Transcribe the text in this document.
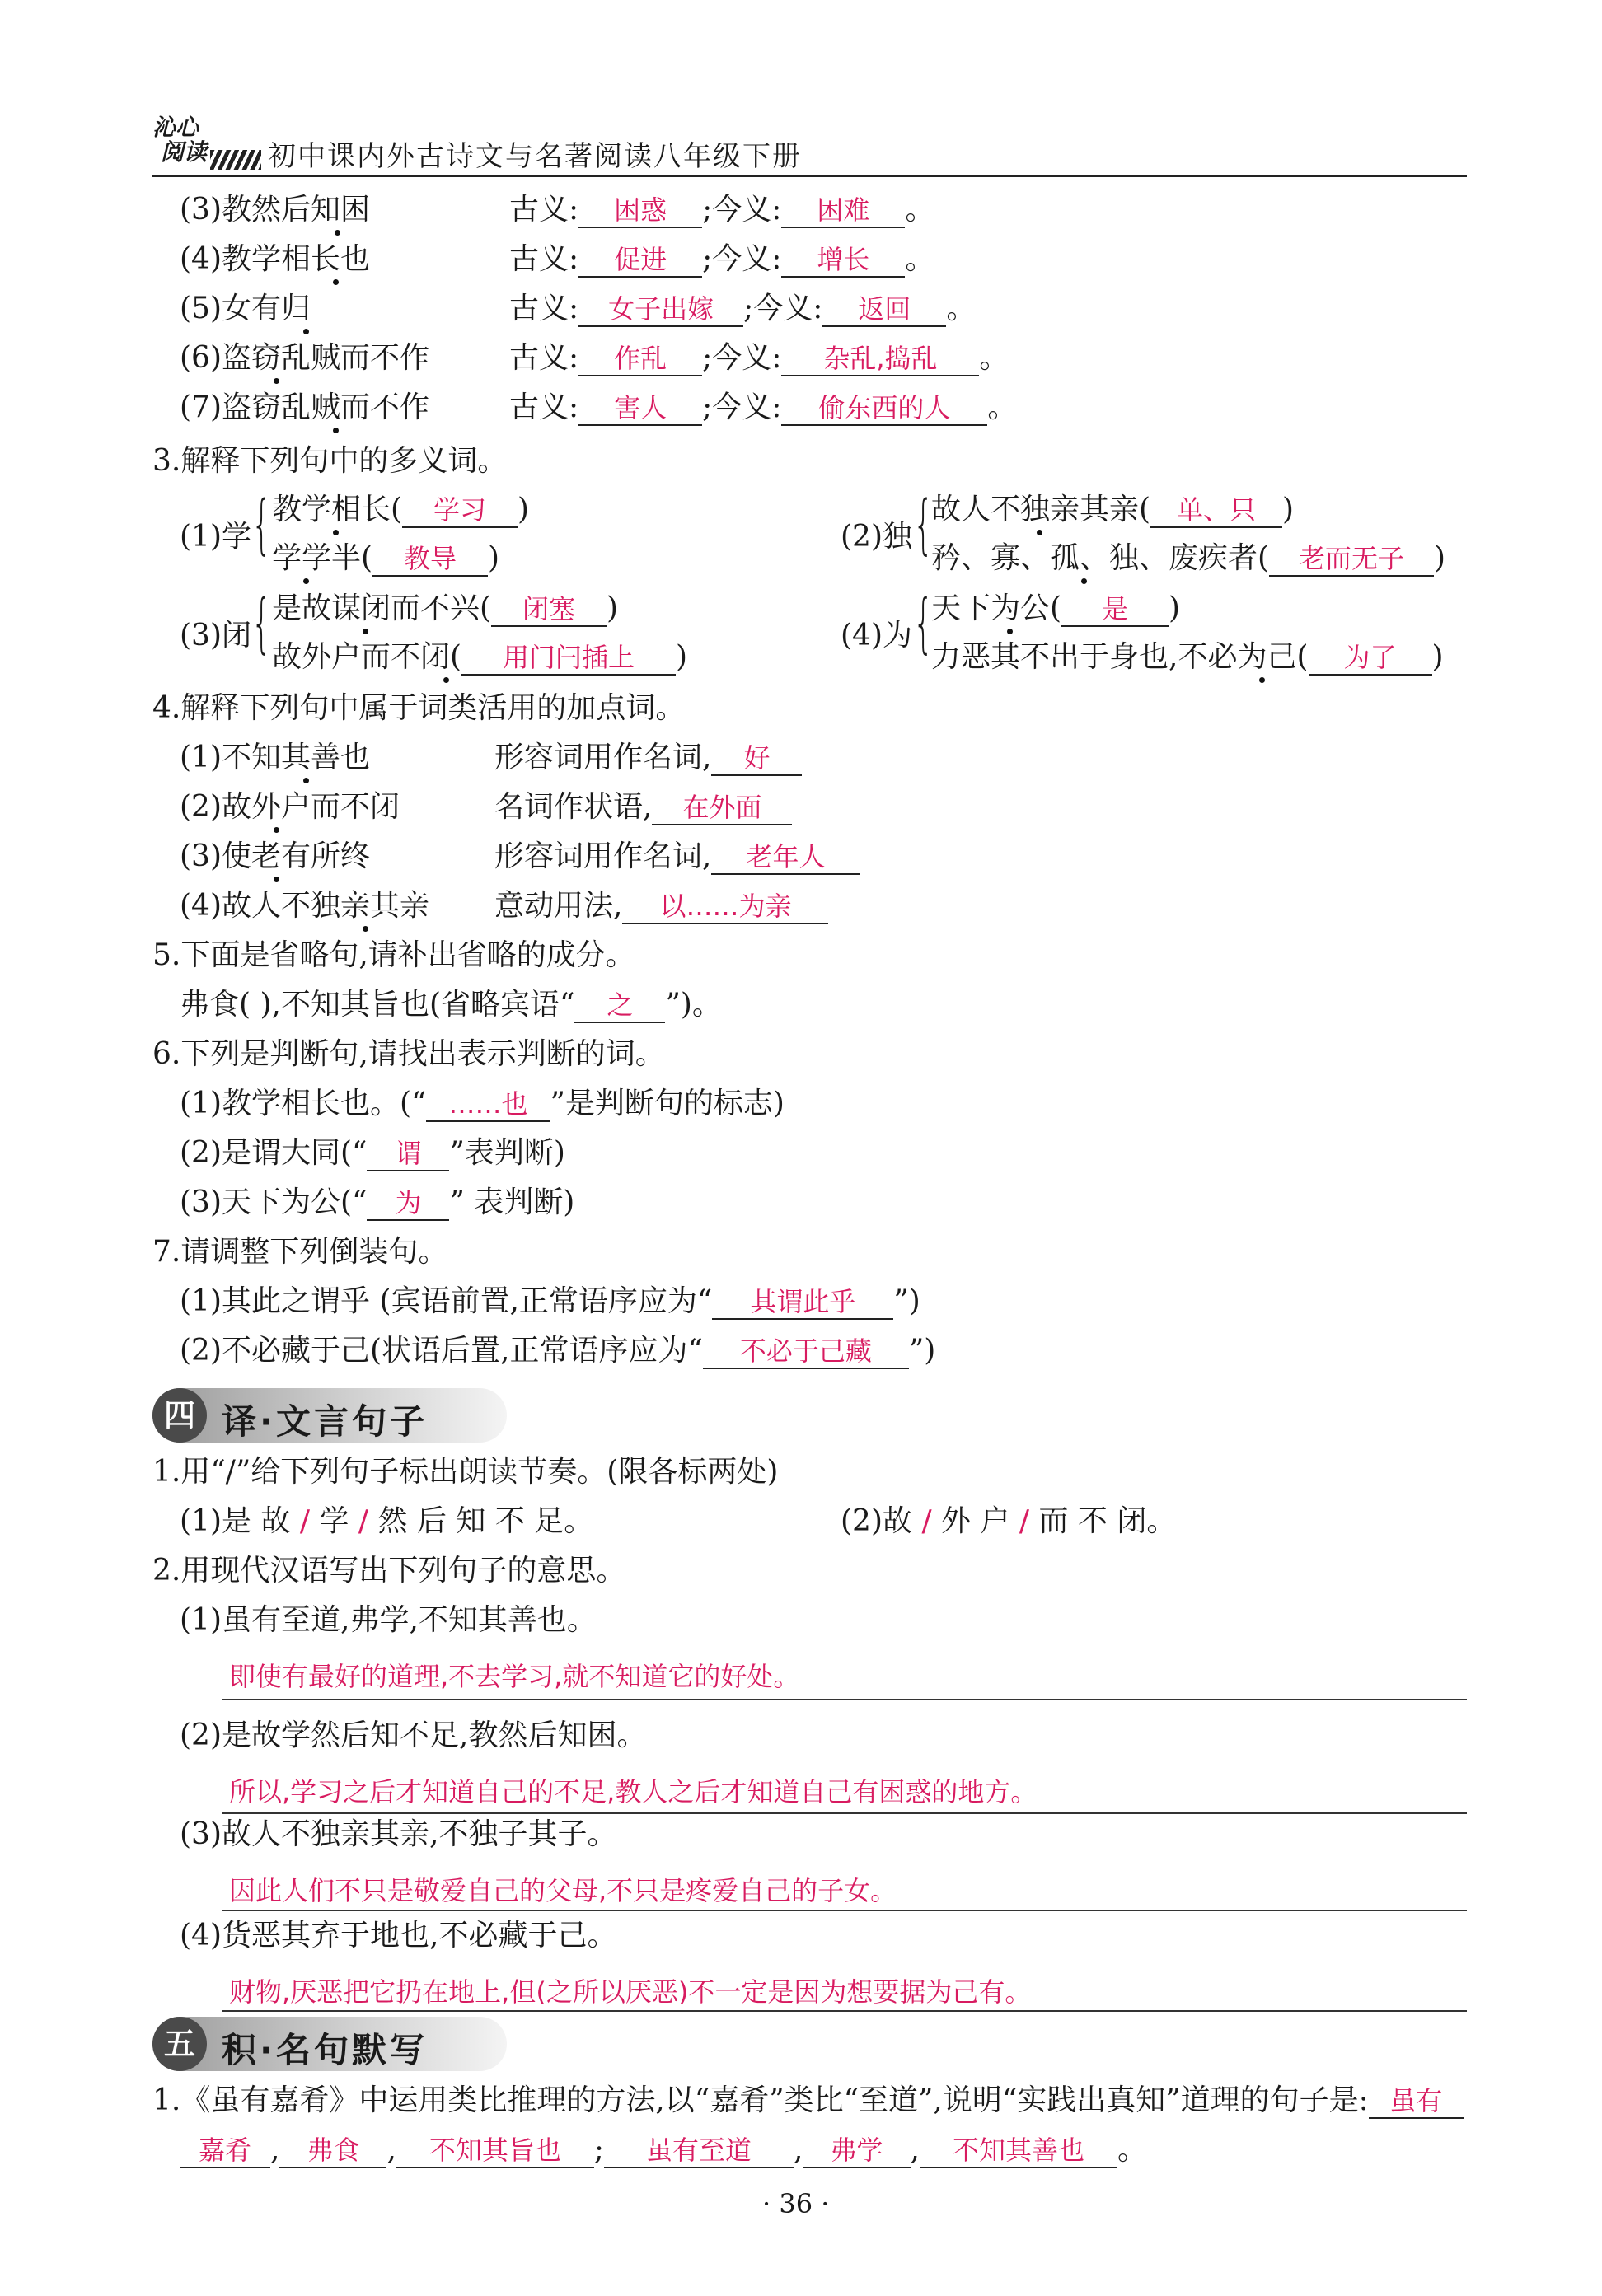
沁心
阅读 初中课内外古诗文与名著阅读八年级下册
(3)教然后知困	古义: 困惑 ;今义: 困难 。
(4)教学相长也	古义: 促进 ;今义: 增长 。
(5)女有归	古义: 女子出嫁 ;今义: 返回 。
(6)盗窃乱贼而不作	古义: 作乱 ;今义: 杂乱,捣乱 。
(7)盗窃乱贼而不作	古义: 害人 ;今义: 偷东西的人 。
3.解释下列句中的多义词。
(1)学 { 教学相长( 学习 )
学学半( 教导 )
(2)独 {
故人不独亲其亲( 单、只 )
矜、寡、孤、独、废疾者( 老而无子 )
(3)闭 { 是故谋闭而不兴( 闭塞 )
故外户而不闭( 用门闩插上 )
(4)为 {
天下为公( 是 )
力恶其不出于身也,不必为己( 为了 )
4.解释下列句中属于词类活用的加点词。
(1)不知其善也	形容词用作名词, 好
(2)故外户而不闭	名词作状语, 在外面
(3)使老有所终	形容词用作名词, 老年人
(4)故人不独亲其亲 意动用法, 以……为亲
5.下面是省略句,请补出省略的成分。
弗食( ),不知其旨也(省略宾语“ 之 ”)。
6.下列是判断句,请找出表示判断的词。
(1)教学相长也。(“ ……也 ”是判断句的标志)
(2)是谓大同(“ 谓 ”表判断)
(3)天下为公(“ 为 ” 表判断)
7.请调整下列倒装句。
(1)其此之谓乎 (宾语前置,正常语序应为“ 其谓此乎 ”)
(2)不必藏于己(状语后置,正常语序应为“ 不必于己藏 ”)
四 译·文言句子
1.用“/”给下列句子标出朗读节奏。(限各标两处)
(1)是 故 / 学 / 然 后 知 不 足。	(2)故 / 外 户 / 而 不 闭。
2.用现代汉语写出下列句子的意思。
(1)虽有至道,弗学,不知其善也。
即使有最好的道理,不去学习,就不知道它的好处。
(2)是故学然后知不足,教然后知困。
所以,学习之后才知道自己的不足,教人之后才知道自己有困惑的地方。
(3)故人不独亲其亲,不独子其子。
因此人们不只是敬爱自己的父母,不只是疼爱自己的子女。
(4)货恶其弃于地也,不必藏于己。
财物,厌恶把它扔在地上,但(之所以厌恶)不一定是因为想要据为己有。
五 积·名句默写
1.《虽有嘉肴》中运用类比推理的方法,以“嘉肴”类比“至道”,说明“实践出真知”道理的句子是: 虽有
嘉肴 , 弗食 , 不知其旨也 ; 虽有至道 , 弗学 , 不知其善也 。
· 36 ·
